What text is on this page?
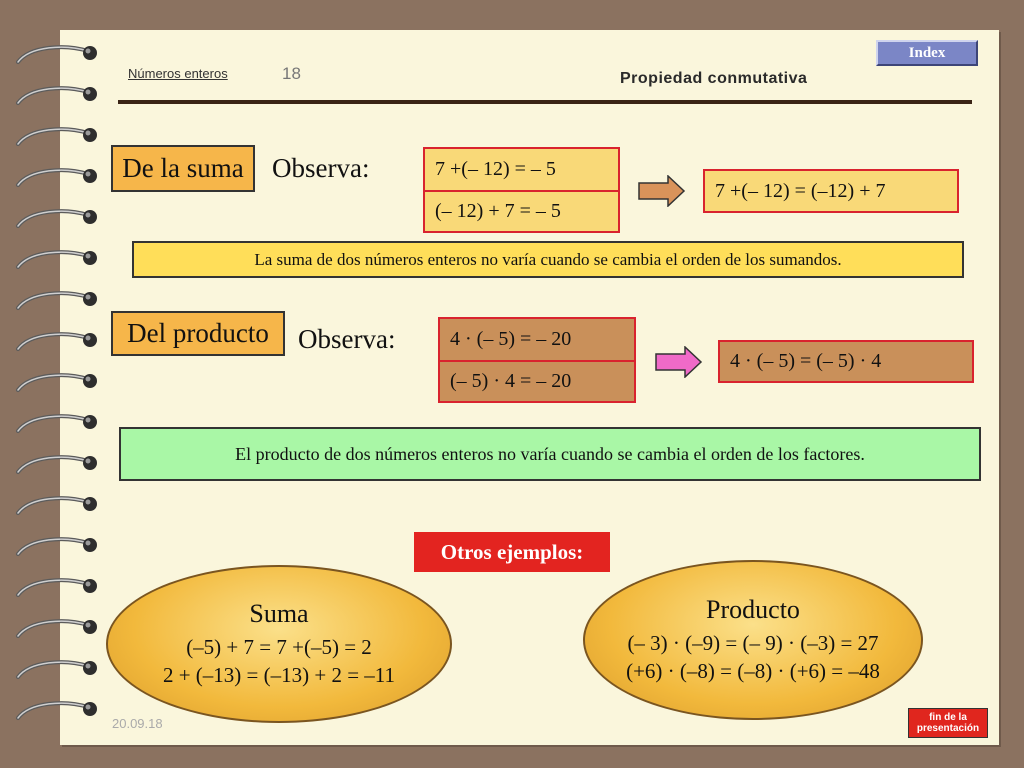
Números enteros	18	Propiedad conmutativa
Index
De la suma	Observa:	7 +(– 12) = – 5
(– 12) + 7 = – 5
7 +(– 12) = (–12) + 7
La suma de dos números enteros no varía cuando se cambia el orden de los sumandos.
Del producto	Observa:	4 · (– 5) = – 20
(– 5) · 4 = – 20
4 · (– 5) = (– 5) · 4
El producto de dos números enteros no varía cuando se cambia el orden de los factores.
Otros ejemplos:
Suma
(–5) + 7 = 7 +(–5) = 2
2 + (–13) = (–13) + 2 = –11
Producto
(– 3) · (–9) = (– 9) · (–3) = 27
(+6) · (–8) = (–8) · (+6) = –48
20.09.18	fin de la
presentación
